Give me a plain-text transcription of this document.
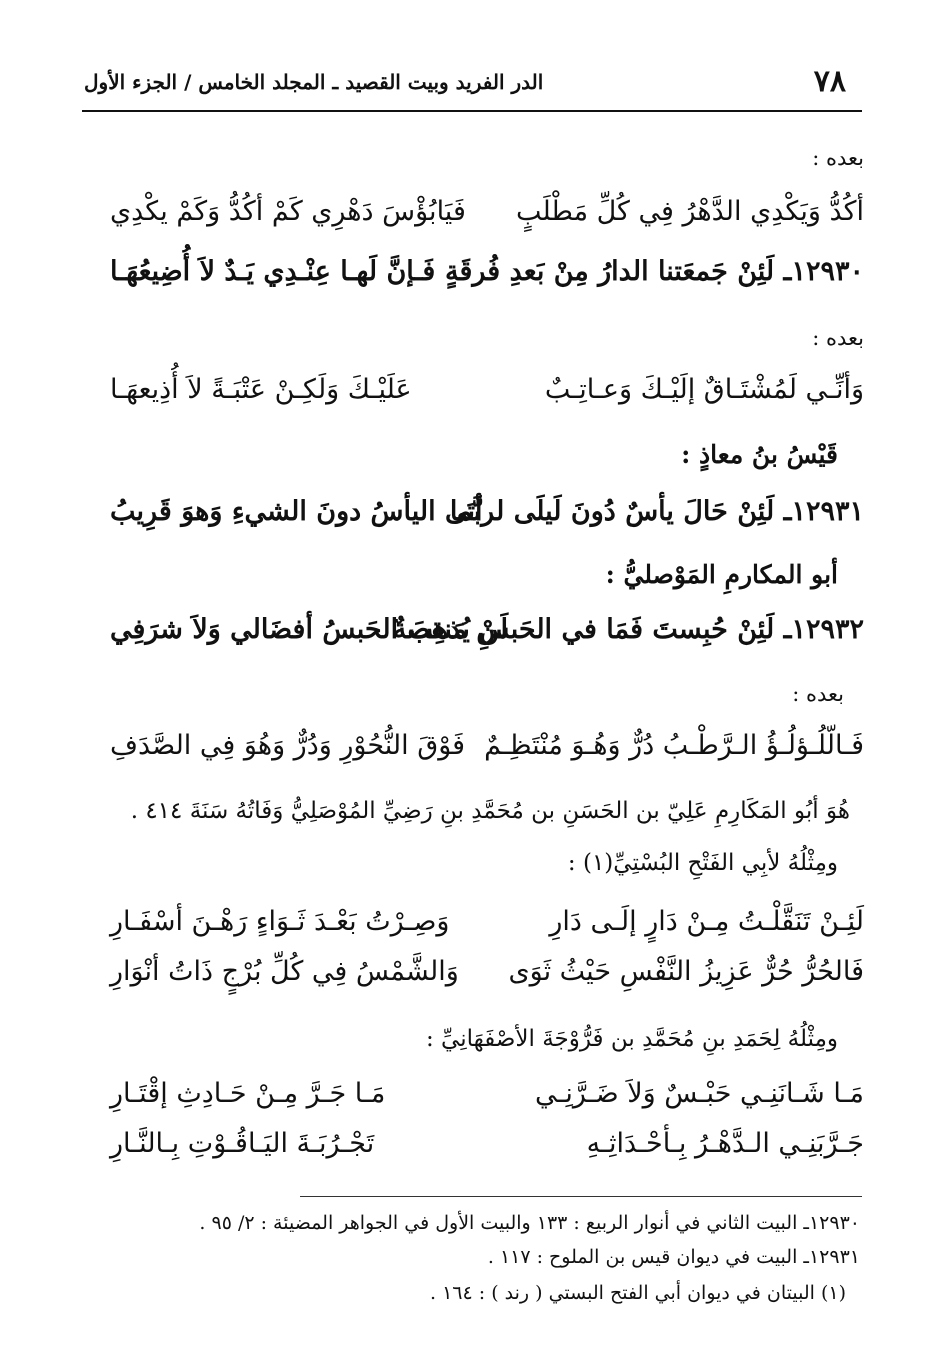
٧٨
الدر الفريد وبيت القصيد ـ المجلد الخامس / الجزء الأول
بعده :
أكُدُّ وَيَكْدِي الدَّهْرُ فِي كُلِّ مَطْلَبٍ
فَيَابُؤْسَ دَهْرِي كَمْ أكُدُّ وَكَمْ يكْدِي
١٢٩٣٠ـ لَئِنْ جَمعَتنا الدارُ مِنْ بَعدِ فُرقَةٍ
فَـإنَّ لَهـا عِنْـدِي يَـدٌ لاَ أُضِيعُهَـا
بعده :
وَأنِّـي لَمُشْتَـاقٌ إلَيْـكَ وَعـاتِـبٌ
عَلَيْـكَ وَلَكِـنْ عَتْبَـةً لاَ أُذِيعهَـا
قَيْسُ بنُ معاذٍ :
١٢٩٣١ـ لَئِنْ حَالَ يأسٌ دُونَ لَيلَى لربَّما
أتَى اليأسُ دونَ الشيءِ وَهوَ قَرِيبُ
أبو المكارمِ المَوْصليُّ :
١٢٩٣٢ـ لَئِنْ حُبِستَ فَمَا في الحَبسِ مَنقصةٌ
لَنْ يُذهِبَ الحَبسُ أفضَالي وَلاَ شرَفِي
بعده :
فَـالّلُـؤلُـؤُ الـرَّطْـبُ دُرٌّ وَهُـوَ مُنْتَظِـمٌ
فَوْقَ النُّحُوْرِ وَدُرٌّ وَهُوَ فِي الصَّدَفِ
هُوَ أبُو المَكَارِمِ عَلِيّ بن الحَسَنِ بن مُحَمَّدِ بنِ رَضِيِّ المُوْصَلِيُّ وَفَاتُهُ سَنَةَ ٤١٤ .
ومِثْلُهُ لأبِي الفَتْحِ البُسْتِيِّ(١) :
لَئِـنْ تَنَقَّلْـتُ مِـنْ دَارٍ إلَـى دَارِ
وَصِـرْتُ بَعْـدَ ثَـوَاءٍ رَهْـنَ أسْفَـارِ
فَالحُرُّ حُرٌّ عَزِيزُ النَّفْسِ حَيْثُ ثَوَى
وَالشَّمْسُ فِي كُلِّ بُرْجٍ ذَاتُ أنْوَارِ
ومِثْلُهُ لِحَمَدِ بنِ مُحَمَّدِ بن فَرُّوْجَةَ الأصْفَهَانِيِّ :
مَـا شَـانَنِـي حَبْـسٌ وَلاَ ضَـرَّنِـي
مَـا جَـرَّ مِـنْ حَـادِثِ إقْتَـارِ
جَـرَّبَنِـي الـدَّهْـرُ بِـأحْـدَاثِـهِ
تَجْـرُبَـةَ اليَـاقُـوْتِ بِـالنَّـارِ
١٢٩٣٠ـ البيت الثاني في أنوار الربيع : ١٣٣ والبيت الأول في الجواهر المضيئة : ٢/ ٩٥ .
١٢٩٣١ـ البيت في ديوان قيس بن الملوح : ١١٧ .
(١) البيتان في ديوان أبي الفتح البستي ( رند ) : ١٦٤ .
